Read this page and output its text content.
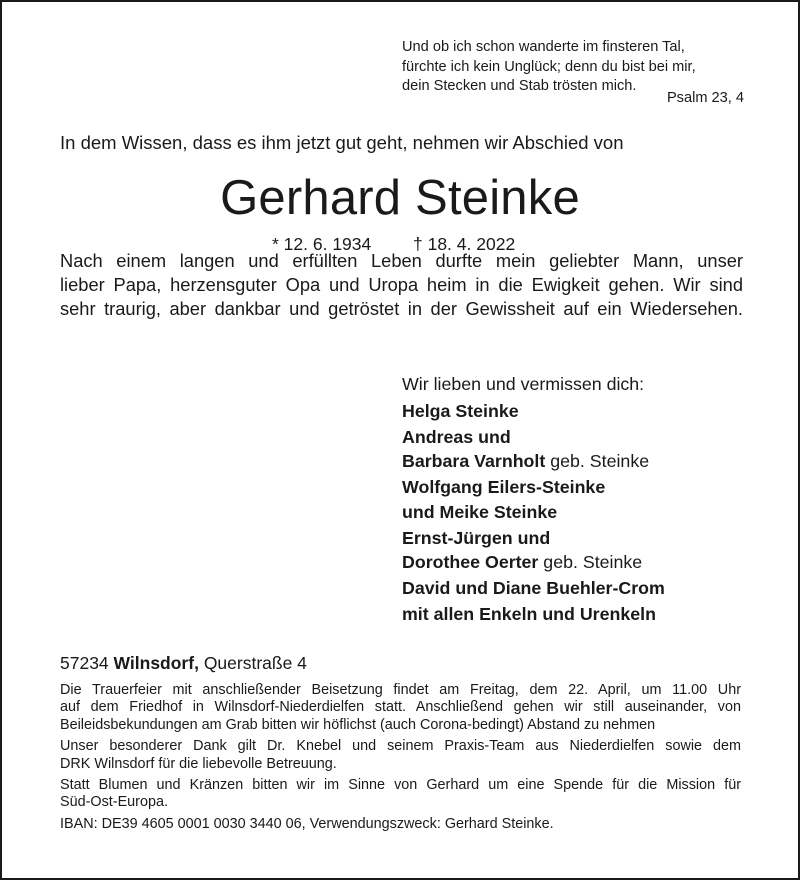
Und ob ich schon wanderte im finsteren Tal,
fürchte ich kein Unglück; denn du bist bei mir,
dein Stecken und Stab trösten mich.
Psalm 23, 4
In dem Wissen, dass es ihm jetzt gut geht, nehmen wir Abschied von
Gerhard Steinke
* 12. 6. 1934 † 18. 4. 2022
Nach einem langen und erfüllten Leben durfte mein geliebter Mann, unser
lieber Papa, herzensguter Opa und Uropa heim in die Ewigkeit gehen. Wir sind
sehr traurig, aber dankbar und getröstet in der Gewissheit auf ein Wiedersehen.
Wir lieben und vermissen dich:
Helga Steinke
Andreas und
Barbara Varnholt geb. Steinke
Wolfgang Eilers-Steinke
und Meike Steinke
Ernst-Jürgen und
Dorothee Oerter geb. Steinke
David und Diane Buehler-Crom
mit allen Enkeln und Urenkeln
57234 Wilnsdorf, Querstraße 4

Die Trauerfeier mit anschließender Beisetzung findet am Freitag, dem 22. April, um 11.00 Uhr
auf dem Friedhof in Wilnsdorf-Niederdielfen statt. Anschließend gehen wir still auseinander, von
Beileidsbekundungen am Grab bitten wir höflichst (auch Corona-bedingt) Abstand zu nehmen

Unser besonderer Dank gilt Dr. Knebel und seinem Praxis-Team aus Niederdielfen sowie dem
DRK Wilnsdorf für die liebevolle Betreuung.

Statt Blumen und Kränzen bitten wir im Sinne von Gerhard um eine Spende für die Mission für
Süd-Ost-Europa.

IBAN: DE39 4605 0001 0030 3440 06, Verwendungszweck: Gerhard Steinke.
